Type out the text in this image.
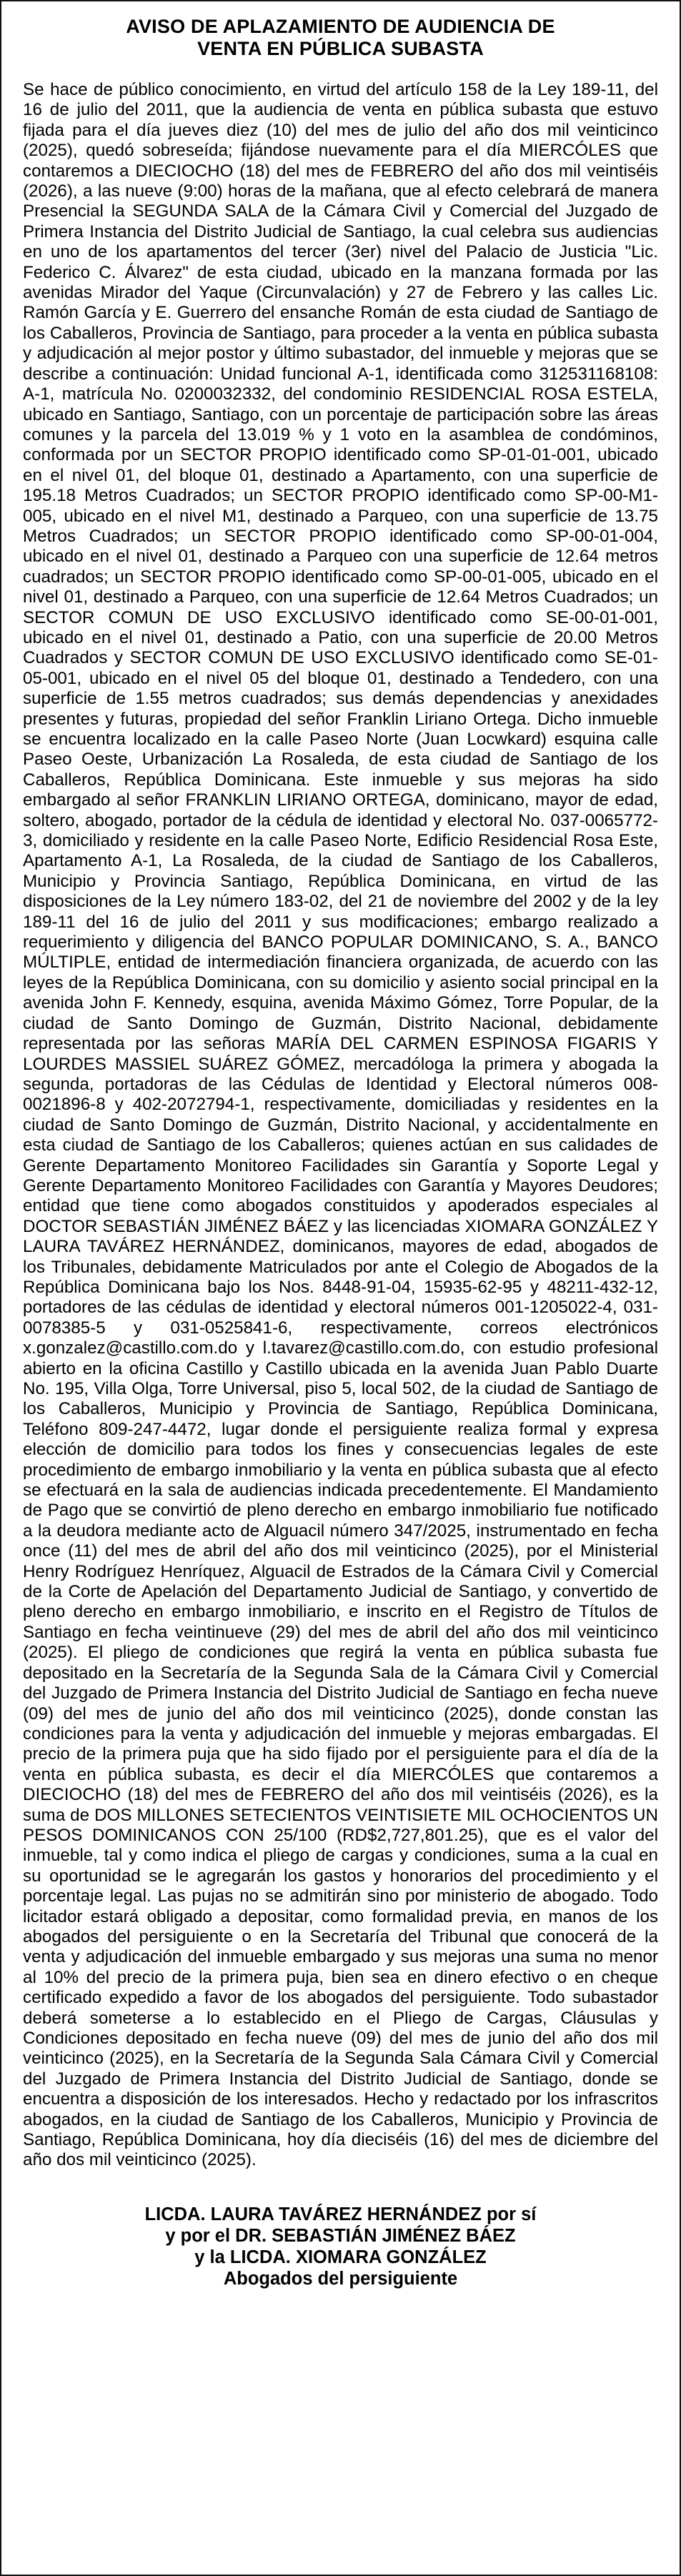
AVISO DE APLAZAMIENTO DE AUDIENCIA DE
VENTA EN PÚBLICA SUBASTA

Se hace de público conocimiento, en virtud del artículo 158 de la Ley 189-11, del 16 de julio del 2011, que la audiencia de venta en pública subasta que estuvo fijada para el día jueves diez (10) del mes de julio del año dos mil veinticinco (2025), quedó sobreseída; fijándose nuevamente para el día MIERCÓLES que contaremos a DIECIOCHO (18) del mes de FEBRERO del año dos mil veintiséis (2026), a las nueve (9:00) horas de la mañana, que al efecto celebrará de manera Presencial la SEGUNDA SALA de la Cámara Civil y Comercial del Juzgado de Primera Instancia del Distrito Judicial de Santiago, la cual celebra sus audiencias en uno de los apartamentos del tercer (3er) nivel del Palacio de Justicia "Lic. Federico C. Álvarez" de esta ciudad, ubicado en la manzana formada por las avenidas Mirador del Yaque (Circunvalación) y 27 de Febrero y las calles Lic. Ramón García y E. Guerrero del ensanche Román de esta ciudad de Santiago de los Caballeros, Provincia de Santiago, para proceder a la venta en pública subasta y adjudicación al mejor postor y último subastador, del inmueble y mejoras que se describe a continuación: Unidad funcional A-1, identificada como 312531168108: A-1, matrícula No. 0200032332, del condominio RESIDENCIAL ROSA ESTELA, ubicado en Santiago, Santiago, con un porcentaje de participación sobre las áreas comunes y la parcela del 13.019 % y 1 voto en la asamblea de condóminos, conformada por un SECTOR PROPIO identificado como SP-01-01-001, ubicado en el nivel 01, del bloque 01, destinado a Apartamento, con una superficie de 195.18 Metros Cuadrados; un SECTOR PROPIO identificado como SP-00-M1-005, ubicado en el nivel M1, destinado a Parqueo, con una superficie de 13.75 Metros Cuadrados; un SECTOR PROPIO identificado como SP-00-01-004, ubicado en el nivel 01, destinado a Parqueo con una superficie de 12.64 metros cuadrados; un SECTOR PROPIO identificado como SP-00-01-005, ubicado en el nivel 01, destinado a Parqueo, con una superficie de 12.64 Metros Cuadrados; un SECTOR COMUN DE USO EXCLUSIVO identificado como SE-00-01-001, ubicado en el nivel 01, destinado a Patio, con una superficie de 20.00 Metros Cuadrados y SECTOR COMUN DE USO EXCLUSIVO identificado como SE-01-05-001, ubicado en el nivel 05 del bloque 01, destinado a Tendedero, con una superficie de 1.55 metros cuadrados; sus demás dependencias y anexidades presentes y futuras, propiedad del señor Franklin Liriano Ortega. Dicho inmueble se encuentra localizado en la calle Paseo Norte (Juan Locwkard) esquina calle Paseo Oeste, Urbanización La Rosaleda, de esta ciudad de Santiago de los Caballeros, República Dominicana. Este inmueble y sus mejoras ha sido embargado al señor FRANKLIN LIRIANO ORTEGA, dominicano, mayor de edad, soltero, abogado, portador de la cédula de identidad y electoral No. 037-0065772-3, domiciliado y residente en la calle Paseo Norte, Edificio Residencial Rosa Este, Apartamento A-1, La Rosaleda, de la ciudad de Santiago de los Caballeros, Municipio y Provincia Santiago, República Dominicana, en virtud de las disposiciones de la Ley número 183-02, del 21 de noviembre del 2002 y de la ley 189-11 del 16 de julio del 2011 y sus modificaciones; embargo realizado a requerimiento y diligencia del BANCO POPULAR DOMINICANO, S. A., BANCO MÚLTIPLE, entidad de intermediación financiera organizada, de acuerdo con las leyes de la República Dominicana, con su domicilio y asiento social principal en la avenida John F. Kennedy, esquina, avenida Máximo Gómez, Torre Popular, de la ciudad de Santo Domingo de Guzmán, Distrito Nacional, debidamente representada por las señoras MARÍA DEL CARMEN ESPINOSA FIGARIS Y LOURDES MASSIEL SUÁREZ GÓMEZ, mercadóloga la primera y abogada la segunda, portadoras de las Cédulas de Identidad y Electoral números 008-0021896-8 y 402-2072794-1, respectivamente, domiciliadas y residentes en la ciudad de Santo Domingo de Guzmán, Distrito Nacional, y accidentalmente en esta ciudad de Santiago de los Caballeros; quienes actúan en sus calidades de Gerente Departamento Monitoreo Facilidades sin Garantía y Soporte Legal y Gerente Departamento Monitoreo Facilidades con Garantía y Mayores Deudores; entidad que tiene como abogados constituidos y apoderados especiales al DOCTOR SEBASTIÁN JIMÉNEZ BÁEZ y las licenciadas XIOMARA GONZÁLEZ Y LAURA TAVÁREZ HERNÁNDEZ, dominicanos, mayores de edad, abogados de los Tribunales, debidamente Matriculados por ante el Colegio de Abogados de la República Dominicana bajo los Nos. 8448-91-04, 15935-62-95 y 48211-432-12, portadores de las cédulas de identidad y electoral números 001-1205022-4, 031-0078385-5 y 031-0525841-6, respectivamente, correos electrónicos x.gonzalez@castillo.com.do y l.tavarez@castillo.com.do, con estudio profesional abierto en la oficina Castillo y Castillo ubicada en la avenida Juan Pablo Duarte No. 195, Villa Olga, Torre Universal, piso 5, local 502, de la ciudad de Santiago de los Caballeros, Municipio y Provincia de Santiago, República Dominicana, Teléfono 809-247-4472, lugar donde el persiguiente realiza formal y expresa elección de domicilio para todos los fines y consecuencias legales de este procedimiento de embargo inmobiliario y la venta en pública subasta que al efecto se efectuará en la sala de audiencias indicada precedentemente. El Mandamiento de Pago que se convirtió de pleno derecho en embargo inmobiliario fue notificado a la deudora mediante acto de Alguacil número 347/2025, instrumentado en fecha once (11) del mes de abril del año dos mil veinticinco (2025), por el Ministerial Henry Rodríguez Henríquez, Alguacil de Estrados de la Cámara Civil y Comercial de la Corte de Apelación del Departamento Judicial de Santiago, y convertido de pleno derecho en embargo inmobiliario, e inscrito en el Registro de Títulos de Santiago en fecha veintinueve (29) del mes de abril del año dos mil veinticinco (2025). El pliego de condiciones que regirá la venta en pública subasta fue depositado en la Secretaría de la Segunda Sala de la Cámara Civil y Comercial del Juzgado de Primera Instancia del Distrito Judicial de Santiago en fecha nueve (09) del mes de junio del año dos mil veinticinco (2025), donde constan las condiciones para la venta y adjudicación del inmueble y mejoras embargadas. El precio de la primera puja que ha sido fijado por el persiguiente para el día de la venta en pública subasta, es decir el día MIERCÓLES que contaremos a DIECIOCHO (18) del mes de FEBRERO del año dos mil veintiséis (2026), es la suma de DOS MILLONES SETECIENTOS VEINTISIETE MIL OCHOCIENTOS UN PESOS DOMINICANOS CON 25/100 (RD$2,727,801.25), que es el valor del inmueble, tal y como indica el pliego de cargas y condiciones, suma a la cual en su oportunidad se le agregarán los gastos y honorarios del procedimiento y el porcentaje legal. Las pujas no se admitirán sino por ministerio de abogado. Todo licitador estará obligado a depositar, como formalidad previa, en manos de los abogados del persiguiente o en la Secretaría del Tribunal que conocerá de la venta y adjudicación del inmueble embargado y sus mejoras una suma no menor al 10% del precio de la primera puja, bien sea en dinero efectivo o en cheque certificado expedido a favor de los abogados del persiguiente. Todo subastador deberá someterse a lo establecido en el Pliego de Cargas, Cláusulas y Condiciones depositado en fecha nueve (09) del mes de junio del año dos mil veinticinco (2025), en la Secretaría de la Segunda Sala Cámara Civil y Comercial del Juzgado de Primera Instancia del Distrito Judicial de Santiago, donde se encuentra a disposición de los interesados. Hecho y redactado por los infrascritos abogados, en la ciudad de Santiago de los Caballeros, Municipio y Provincia de Santiago, República Dominicana, hoy día dieciséis (16) del mes de diciembre del año dos mil veinticinco (2025).

LICDA. LAURA TAVÁREZ HERNÁNDEZ por sí
y por el DR. SEBASTIÁN JIMÉNEZ BÁEZ
y la LICDA. XIOMARA GONZÁLEZ
Abogados del persiguiente
